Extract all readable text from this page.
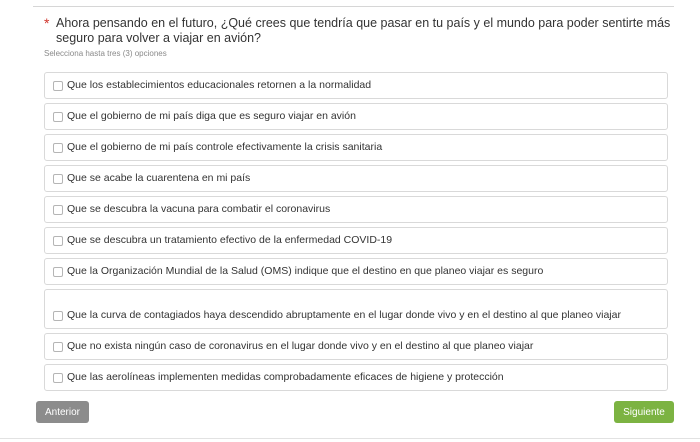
* Ahora pensando en el futuro, ¿Qué crees que tendría que pasar en tu país y el mundo para poder sentirte más seguro para volver a viajar en avión?
Selecciona hasta tres (3) opciones
Que los establecimientos educacionales retornen a la normalidad
Que el gobierno de mi país diga que es seguro viajar en avión
Que el gobierno de mi país controle efectivamente la crisis sanitaria
Que se acabe la cuarentena en mi país
Que se descubra la vacuna para combatir el coronavirus
Que se descubra un tratamiento efectivo de la enfermedad COVID-19
Que la Organización Mundial de la Salud (OMS) indique que el destino en que planeo viajar es seguro
Que la curva de contagiados haya descendido abruptamente en el lugar donde vivo y en el destino al que planeo viajar
Que no exista ningún caso de coronavirus en el lugar donde vivo y en el destino al que planeo viajar
Que las aerolíneas implementen medidas comprobadamente eficaces de higiene y protección
Anterior	Siguiente
